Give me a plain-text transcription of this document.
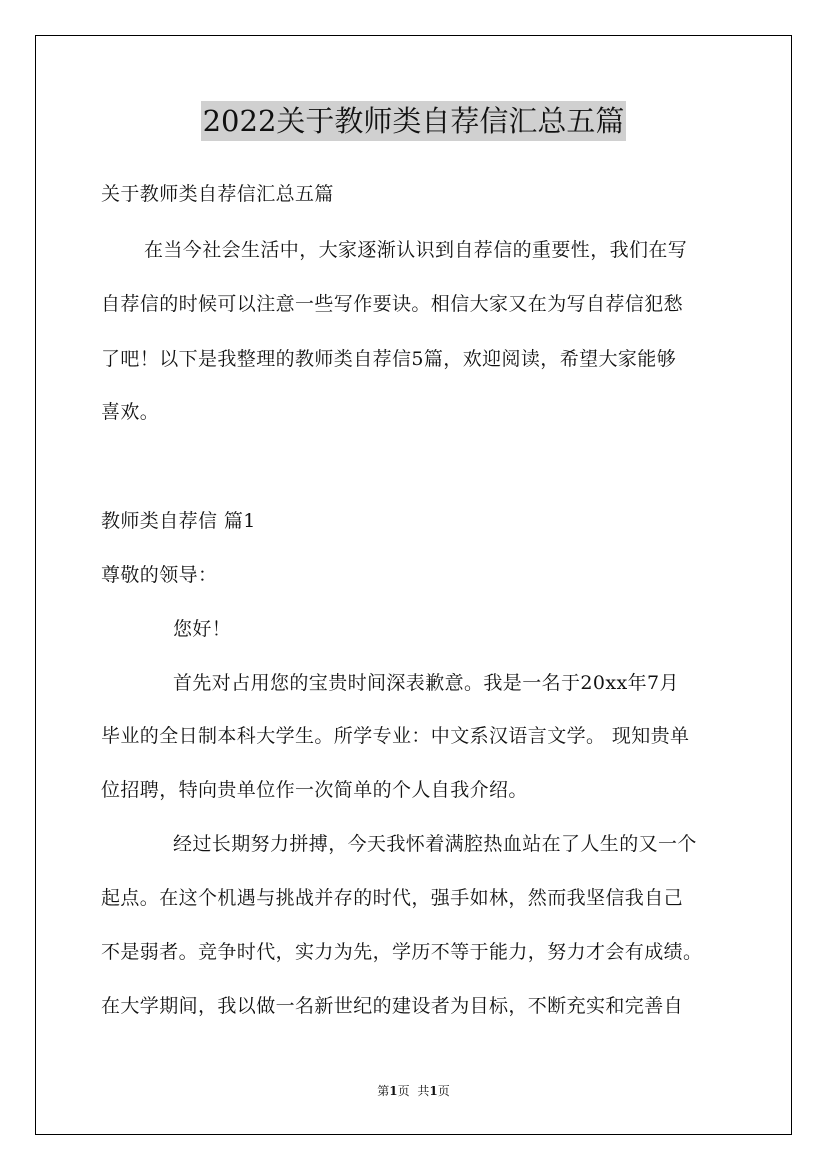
2022关于教师类自荐信汇总五篇
关于教师类自荐信汇总五篇
在当今社会生活中，大家逐渐认识到自荐信的重要性，我们在写
自荐信的时候可以注意一些写作要诀。相信大家又在为写自荐信犯愁
了吧！以下是我整理的教师类自荐信5篇，欢迎阅读，希望大家能够
喜欢。
教师类自荐信 篇1
尊敬的领导：
您好！
首先对占用您的宝贵时间深表歉意。我是一名于20xx年7月
毕业的全日制本科大学生。所学专业：中文系汉语言文学。 现知贵单
位招聘，特向贵单位作一次简单的个人自我介绍。
经过长期努力拼搏，今天我怀着满腔热血站在了人生的又一个
起点。在这个机遇与挑战并存的时代，强手如林，然而我坚信我自己
不是弱者。竞争时代，实力为先，学历不等于能力，努力才会有成绩。
在大学期间，我以做一名新世纪的建设者为目标，不断充实和完善自
第1页 共1页
